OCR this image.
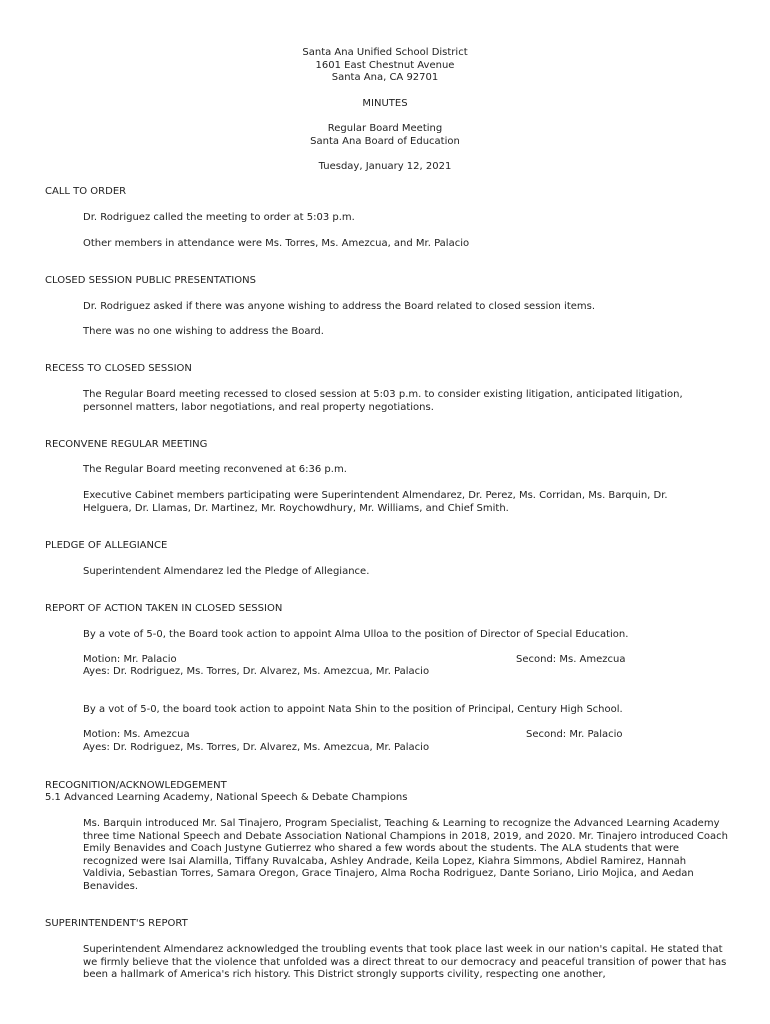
Santa Ana Unified School District
1601 East Chestnut Avenue
Santa Ana, CA 92701
MINUTES
Regular Board Meeting
Santa Ana Board of Education
Tuesday, January 12, 2021
CALL TO ORDER
Dr. Rodriguez called the meeting to order at 5:03 p.m.
Other members in attendance were Ms. Torres, Ms. Amezcua, and Mr. Palacio
CLOSED SESSION PUBLIC PRESENTATIONS
Dr. Rodriguez asked if there was anyone wishing to address the Board related to closed session items.
There was no one wishing to address the Board.
RECESS TO CLOSED SESSION
The Regular Board meeting recessed to closed session at 5:03 p.m. to consider existing litigation, anticipated litigation, personnel matters, labor negotiations, and real property negotiations.
RECONVENE REGULAR MEETING
The Regular Board meeting reconvened at 6:36 p.m.
Executive Cabinet members participating were Superintendent Almendarez, Dr. Perez, Ms. Corridan, Ms. Barquin, Dr. Helguera, Dr. Llamas, Dr. Martinez, Mr. Roychowdhury, Mr. Williams, and Chief Smith.
PLEDGE OF ALLEGIANCE
Superintendent Almendarez led the Pledge of Allegiance.
REPORT OF ACTION TAKEN IN CLOSED SESSION
By a vote of 5-0, the Board took action to appoint Alma Ulloa to the position of Director of Special Education.
Motion: Mr. Palacio	Second: Ms. Amezcua
Ayes: Dr. Rodriguez, Ms. Torres, Dr. Alvarez, Ms. Amezcua, Mr. Palacio
By a vot of 5-0, the board took action to appoint Nata Shin to the position of Principal, Century High School.
Motion: Ms. Amezcua	Second: Mr. Palacio
Ayes: Dr. Rodriguez, Ms. Torres, Dr. Alvarez, Ms. Amezcua, Mr. Palacio
RECOGNITION/ACKNOWLEDGEMENT
5.1 Advanced Learning Academy, National Speech & Debate Champions
Ms. Barquin introduced Mr. Sal Tinajero, Program Specialist, Teaching & Learning to recognize the Advanced Learning Academy three time National Speech and Debate Association National Champions in 2018, 2019, and 2020. Mr. Tinajero introduced Coach Emily Benavides and Coach Justyne Gutierrez who shared a few words about the students. The ALA students that were recognized were Isai Alamilla, Tiffany Ruvalcaba, Ashley Andrade, Keila Lopez, Kiahra Simmons, Abdiel Ramirez, Hannah Valdivia, Sebastian Torres, Samara Oregon, Grace Tinajero, Alma Rocha Rodriguez, Dante Soriano, Lirio Mojica, and Aedan Benavides.
SUPERINTENDENT'S REPORT
Superintendent Almendarez acknowledged the troubling events that took place last week in our nation's capital. He stated that we firmly believe that the violence that unfolded was a direct threat to our democracy and peaceful transition of power that has been a hallmark of America's rich history. This District strongly supports civility, respecting one another,
